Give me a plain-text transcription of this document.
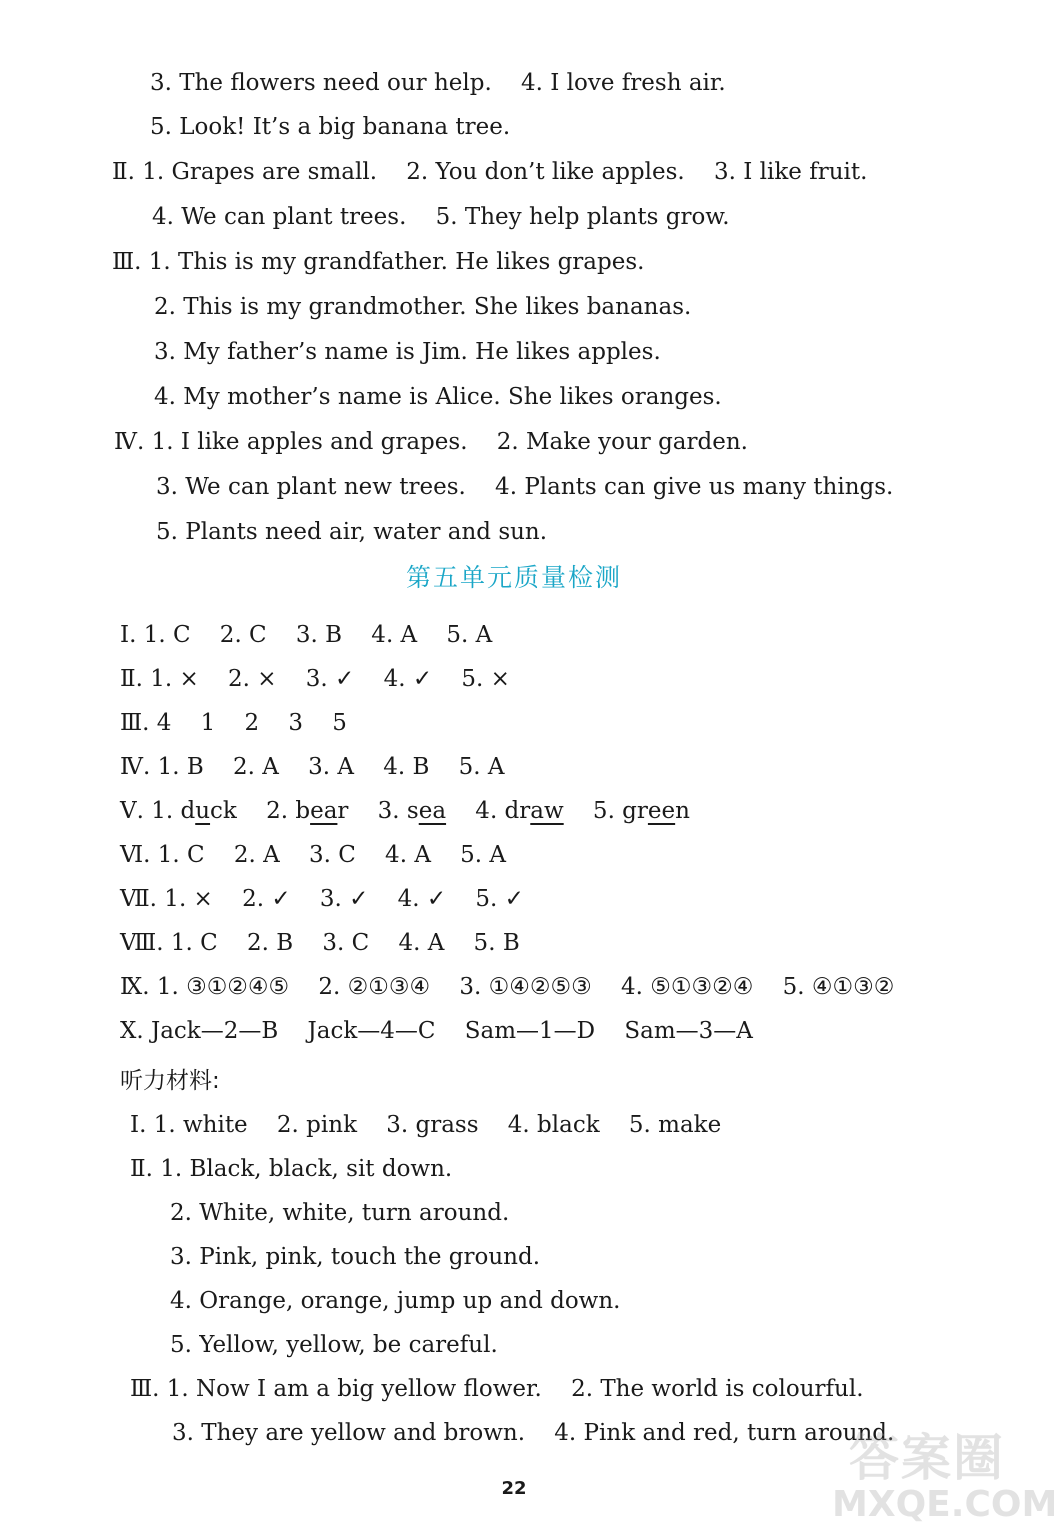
3. The flowers need our help.    4. I love fresh air.
5. Look! It’s a big banana tree.
Ⅱ. 1. Grapes are small.    2. You don’t like apples.    3. I like fruit.
4. We can plant trees.    5. They help plants grow.
Ⅲ. 1. This is my grandfather. He likes grapes.
2. This is my grandmother. She likes bananas.
3. My father’s name is Jim. He likes apples.
4. My mother’s name is Alice. She likes oranges.
Ⅳ. 1. I like apples and grapes.    2. Make your garden.
3. We can plant new trees.    4. Plants can give us many things.
5. Plants need air, water and sun.
第五单元质量检测
Ⅰ. 1. C    2. C    3. B    4. A    5. A
Ⅱ. 1. ×    2. ×    3. ✓    4. ✓    5. ×
Ⅲ. 4    1    2    3    5
Ⅳ. 1. B    2. A    3. A    4. B    5. A
Ⅴ. 1. duck    2. bear    3. sea    4. draw    5. green
Ⅵ. 1. C    2. A    3. C    4. A    5. A
Ⅶ. 1. ×    2. ✓    3. ✓    4. ✓    5. ✓
Ⅷ. 1. C    2. B    3. C    4. A    5. B
Ⅸ. 1. ③①②④⑤    2. ②①③④    3. ①④②⑤③    4. ⑤①③②④    5. ④①③②
Ⅹ. Jack—2—B    Jack—4—C    Sam—1—D    Sam—3—A
听力材料:
Ⅰ. 1. white    2. pink    3. grass    4. black    5. make
Ⅱ. 1. Black, black, sit down.
2. White, white, turn around.
3. Pink, pink, touch the ground.
4. Orange, orange, jump up and down.
5. Yellow, yellow, be careful.
Ⅲ. 1. Now I am a big yellow flower.    2. The world is colourful.
3. They are yellow and brown.    4. Pink and red, turn around.
22
答案圈
MXQE.COM
